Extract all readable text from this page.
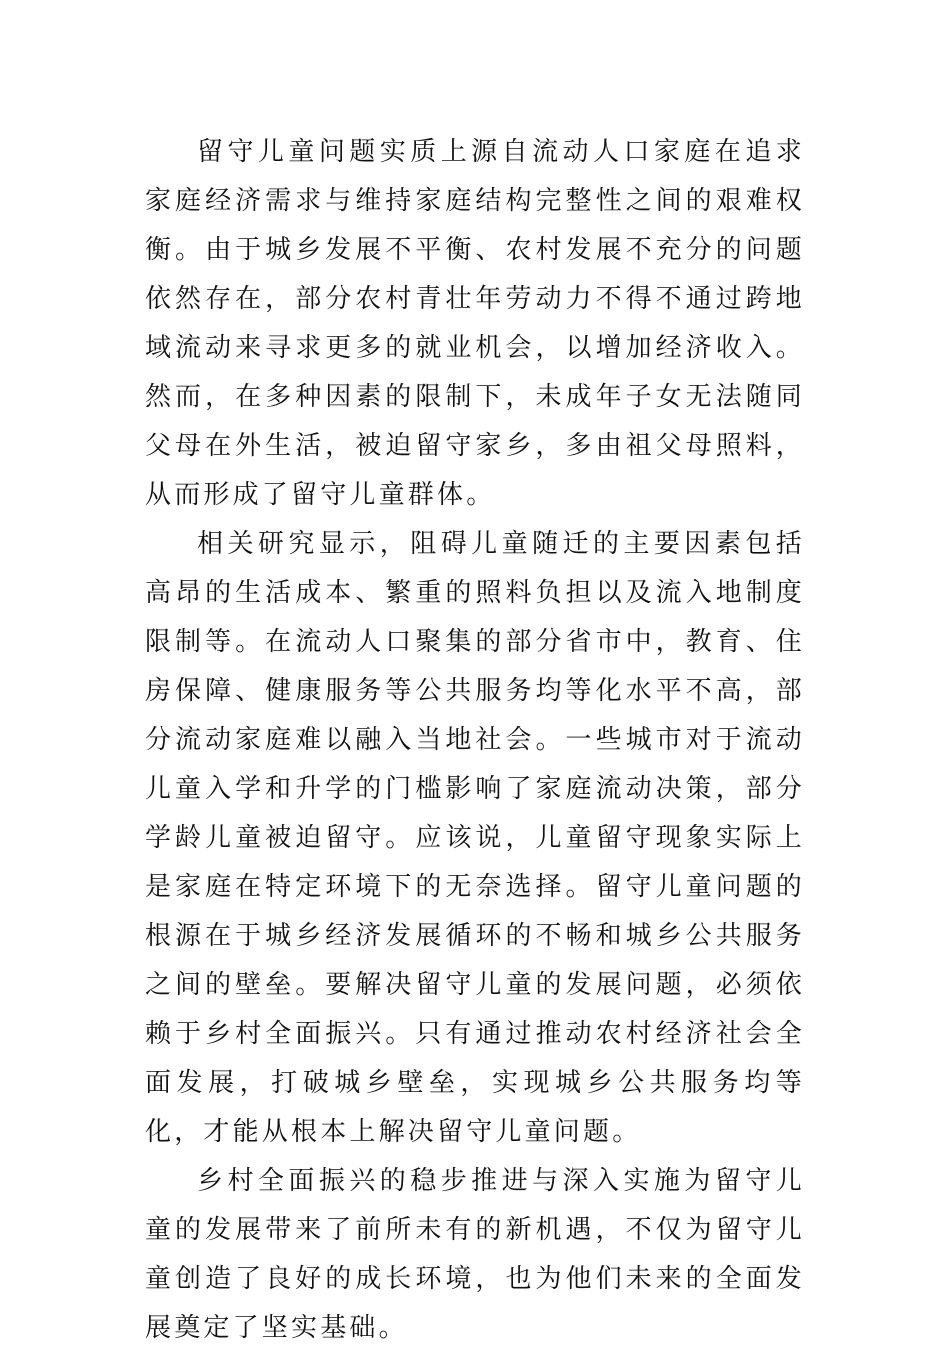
留守儿童问题实质上源自流动人口家庭在追求家庭经济需求与维持家庭结构完整性之间的艰难权衡。由于城乡发展不平衡、农村发展不充分的问题依然存在，部分农村青壮年劳动力不得不通过跨地域流动来寻求更多的就业机会，以增加经济收入。然而，在多种因素的限制下，未成年子女无法随同父母在外生活，被迫留守家乡，多由祖父母照料，从而形成了留守儿童群体。

相关研究显示，阻碍儿童随迁的主要因素包括高昂的生活成本、繁重的照料负担以及流入地制度限制等。在流动人口聚集的部分省市中，教育、住房保障、健康服务等公共服务均等化水平不高，部分流动家庭难以融入当地社会。一些城市对于流动儿童入学和升学的门槛影响了家庭流动决策，部分学龄儿童被迫留守。应该说，儿童留守现象实际上是家庭在特定环境下的无奈选择。留守儿童问题的根源在于城乡经济发展循环的不畅和城乡公共服务之间的壁垒。要解决留守儿童的发展问题，必须依赖于乡村全面振兴。只有通过推动农村经济社会全面发展，打破城乡壁垒，实现城乡公共服务均等化，才能从根本上解决留守儿童问题。

乡村全面振兴的稳步推进与深入实施为留守儿童的发展带来了前所未有的新机遇，不仅为留守儿童创造了良好的成长环境，也为他们未来的全面发展奠定了坚实基础。
